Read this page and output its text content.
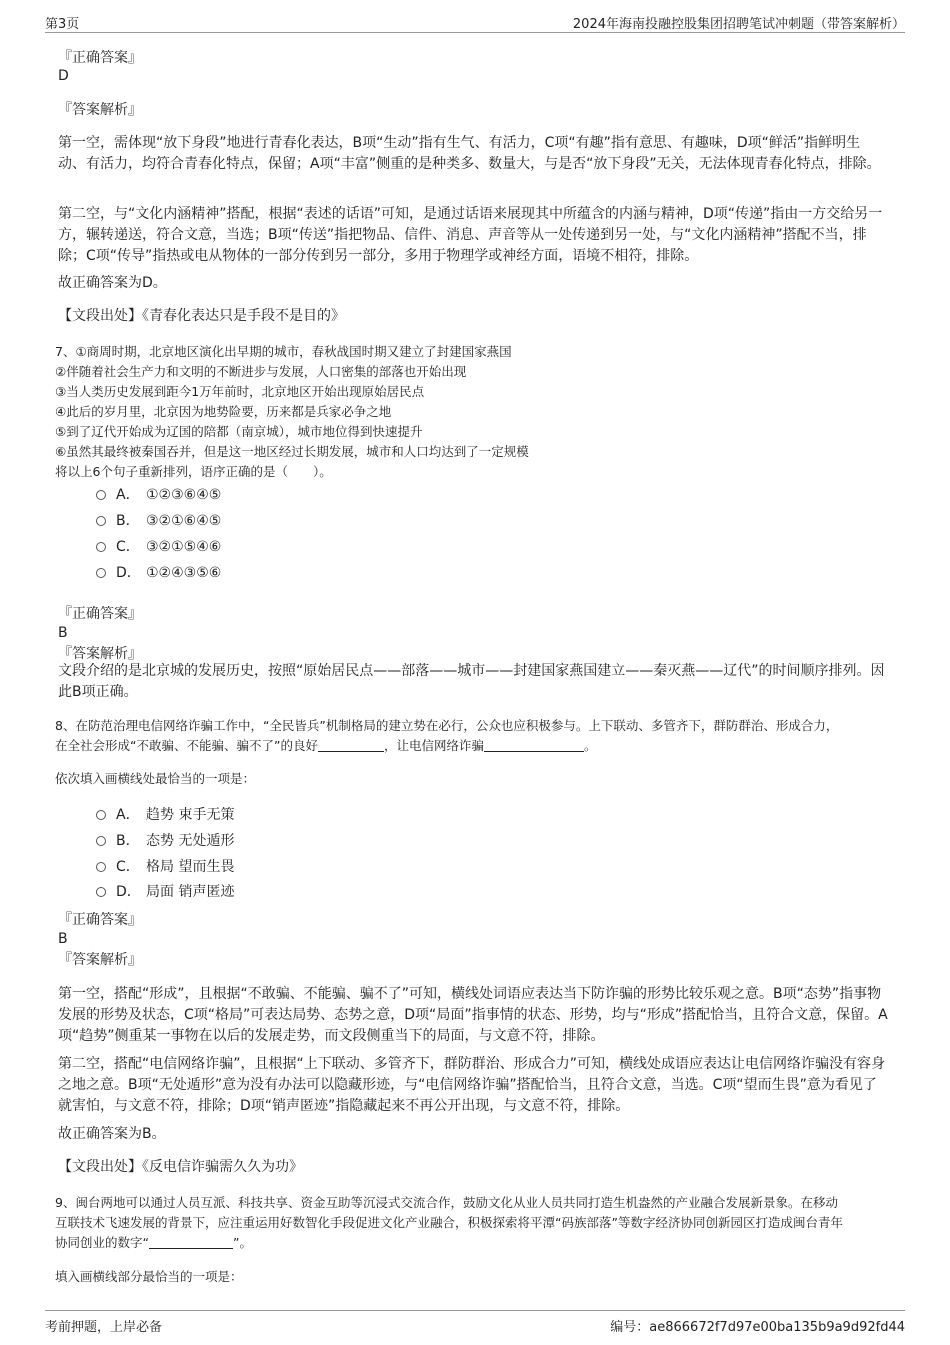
第3页	2024年海南投融控股集团招聘笔试冲刺题（带答案解析）
『正确答案』
D
『答案解析』
第一空，需体现“放下身段”地进行青春化表达，B项“生动”指有生气、有活力，C项“有趣”指有意思、有趣味，D项“鲜活”指鲜明生动、有活力，均符合青春化特点，保留；A项“丰富”侧重的是种类多、数量大，与是否“放下身段”无关，无法体现青春化特点，排除。
第二空，与“文化内涵精神”搭配，根据“表述的话语”可知，是通过话语来展现其中所蕴含的内涵与精神，D项“传递”指由一方交给另一方，辗转递送，符合文意，当选；B项“传送”指把物品、信件、消息、声音等从一处传递到另一处，与“文化内涵精神”搭配不当，排除；C项“传导”指热或电从物体的一部分传到另一部分，多用于物理学或神经方面，语境不相符，排除。
故正确答案为D。
【文段出处】《青春化表达只是手段不是目的》
7、①商周时期，北京地区演化出早期的城市，春秋战国时期又建立了封建国家燕国
②伴随着社会生产力和文明的不断进步与发展，人口密集的部落也开始出现
③当人类历史发展到距今1万年前时，北京地区开始出现原始居民点
④此后的岁月里，北京因为地势险要，历来都是兵家必争之地
⑤到了辽代开始成为辽国的陪都（南京城），城市地位得到快速提升
⑥虽然其最终被秦国吞并，但是这一地区经过长期发展，城市和人口均达到了一定规模
将以上6个句子重新排列，语序正确的是（　　）。
A． ①②③⑥④⑤
B． ③②①⑥④⑤
C． ③②①⑤④⑥
D． ①②④③⑤⑥
『正确答案』
B
『答案解析』
文段介绍的是北京城的发展历史，按照“原始居民点——部落——城市——封建国家燕国建立——秦灭燕——辽代”的时间顺序排列。因此B项正确。
8、在防范治理电信网络诈骗工作中，“全民皆兵”机制格局的建立势在必行，公众也应积极参与。上下联动、多管齐下，群防群治、形成合力，
在全社会形成“不敢骗、不能骗、骗不了”的良好	，让电信网络诈骗	。
依次填入画横线处最恰当的一项是：
A． 趋势 束手无策
B． 态势 无处遁形
C． 格局 望而生畏
D． 局面 销声匿迹
『正确答案』
B
『答案解析』
第一空，搭配“形成”，且根据“不敢骗、不能骗、骗不了”可知，横线处词语应表达当下防诈骗的形势比较乐观之意。B项“态势”指事物发展的形势及状态，C项“格局”可表达局势、态势之意，D项“局面”指事情的状态、形势，均与“形成”搭配恰当，且符合文意，保留。A项“趋势”侧重某一事物在以后的发展走势，而文段侧重当下的局面，与文意不符，排除。
第二空，搭配“电信网络诈骗”，且根据“上下联动、多管齐下，群防群治、形成合力”可知，横线处成语应表达让电信网络诈骗没有容身之地之意。B项“无处遁形”意为没有办法可以隐藏形迹，与“电信网络诈骗”搭配恰当，且符合文意，当选。C项“望而生畏”意为看见了就害怕，与文意不符，排除；D项“销声匿迹”指隐藏起来不再公开出现，与文意不符，排除。
故正确答案为B。
【文段出处】《反电信诈骗需久久为功》
9、闽台两地可以通过人员互派、科技共享、资金互助等沉浸式交流合作，鼓励文化从业人员共同打造生机盎然的产业融合发展新景象。在移动
互联技术飞速发展的背景下，应注重运用好数智化手段促进文化产业融合，积极探索将平潭“码族部落”等数字经济协同创新园区打造成闽台青年
协同创业的数字“	”。
填入画横线部分最恰当的一项是：
考前押题，上岸必备	编号：ae866672f7d97e00ba135b9a9d92fd44
